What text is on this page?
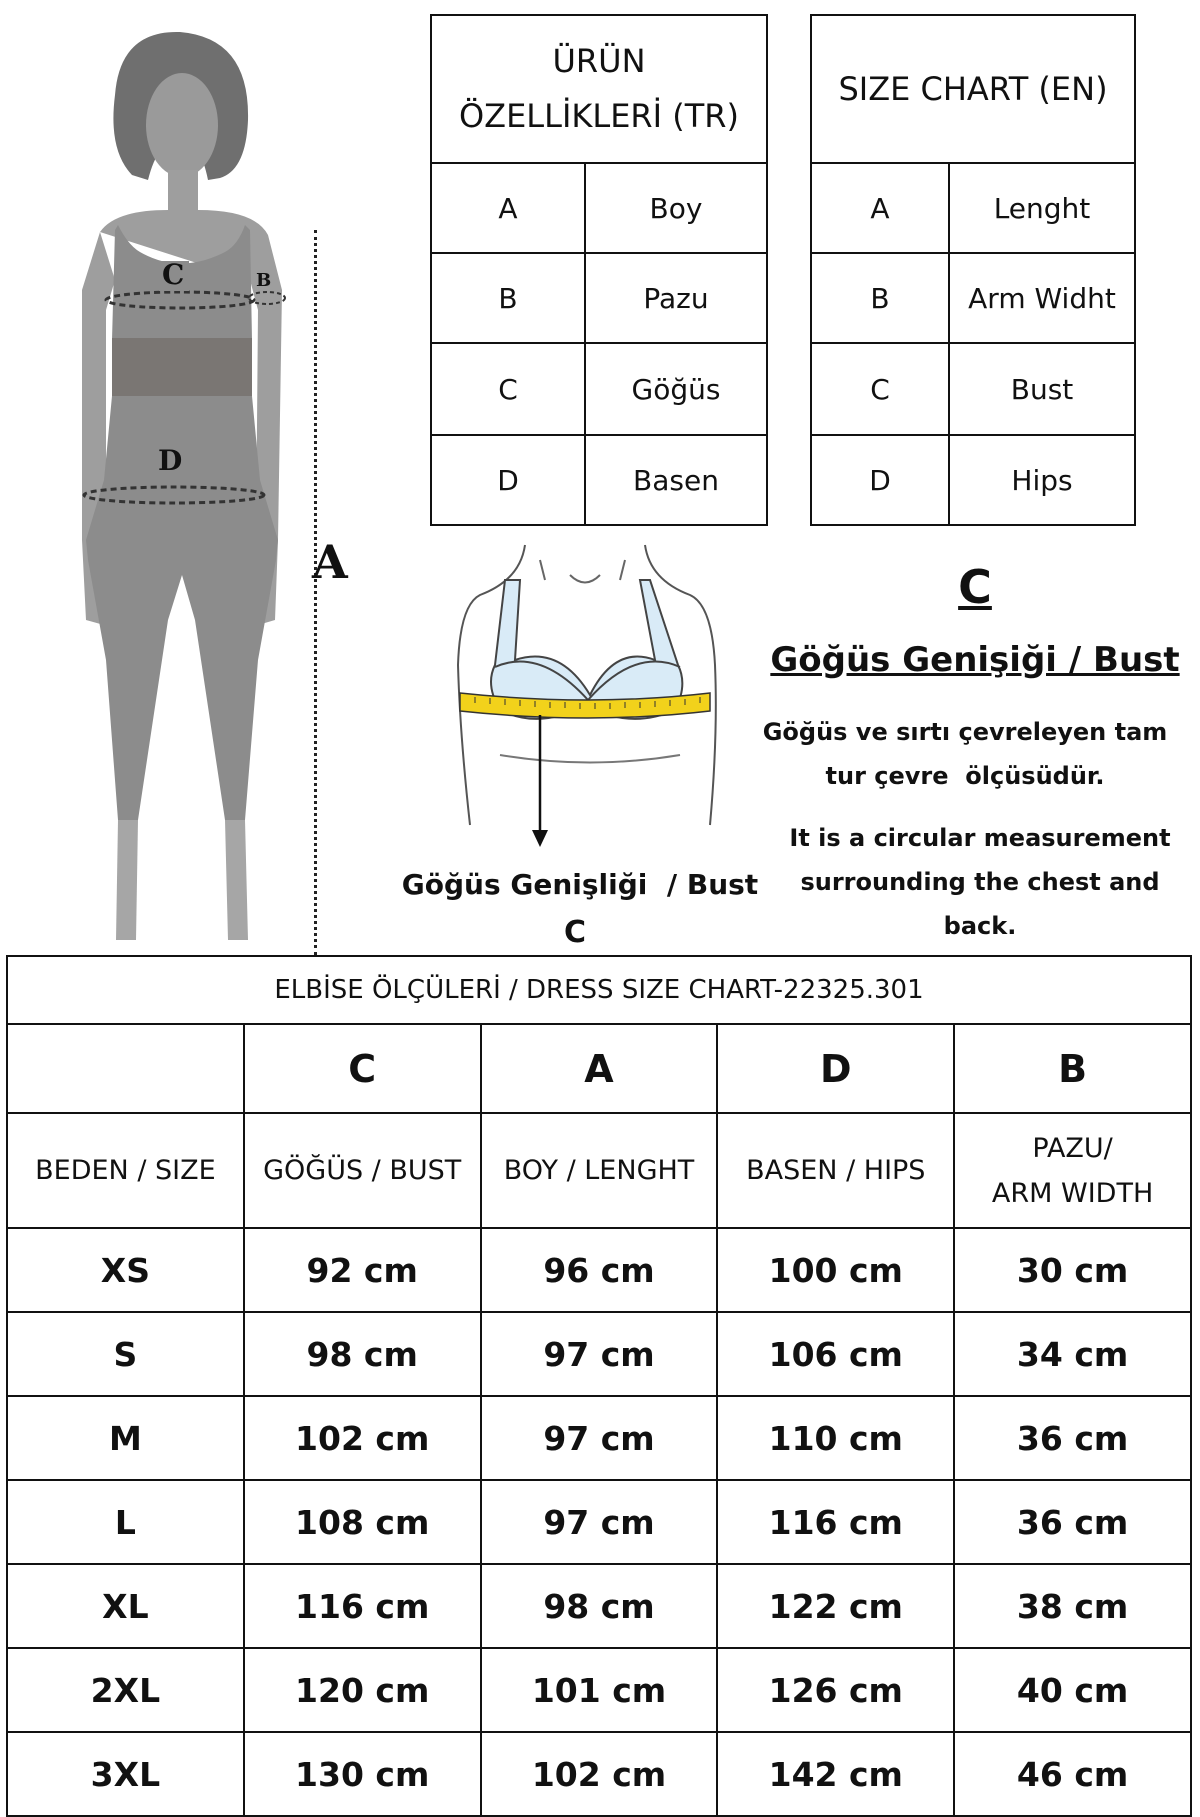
C	B
D
A
ÜRÜN
ÖZELLİKLERİ (TR)	

A	Boy
B	Pazu
C	Göğüs
D	Basen
SIZE CHART (EN)	
A	Lenght
B	Arm Widht
C	Bust
D	Hips
Göğüs Genişliği  / Bust
C
C
Göğüs Genişiği / Bust
Göğüs ve sırtı çevreleyen tam
tur çevre  ölçüsüdür.
It is a circular measurement
surrounding the chest and
back.
ELBİSE ÖLÇÜLERİ / DRESS SIZE CHART-22325.301				
	C	A	D	B
BEDEN / SIZE	GÖĞÜS / BUST	BOY / LENGHT	BASEN / HIPS	PAZU/
ARM WIDTH

XS	92 cm	96 cm	100 cm	30 cm
S	98 cm	97 cm	106 cm	34 cm
M	102 cm	97 cm	110 cm	36 cm
L	108 cm	97 cm	116 cm	36 cm
XL	116 cm	98 cm	122 cm	38 cm
2XL	120 cm	101 cm	126 cm	40 cm
3XL	130 cm	102 cm	142 cm	46 cm
